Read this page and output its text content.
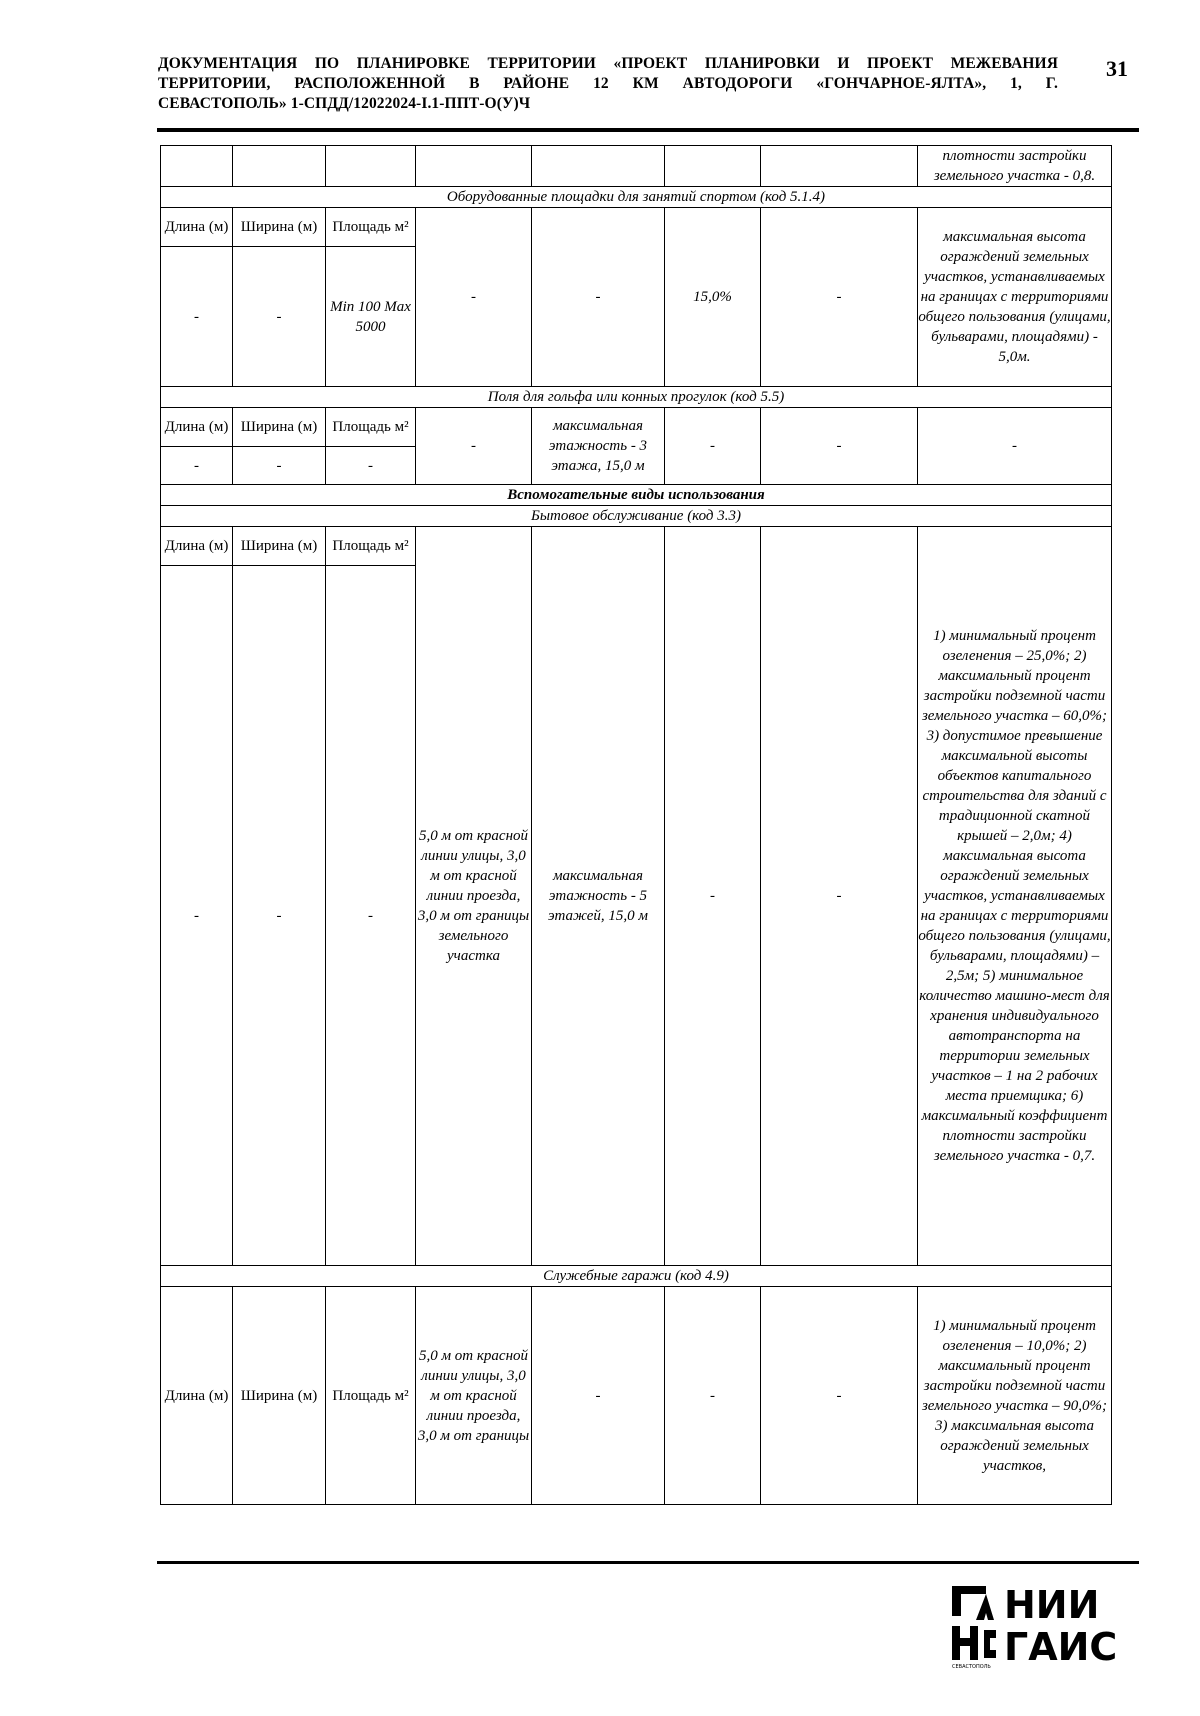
ДОКУМЕНТАЦИЯ ПО ПЛАНИРОВКЕ ТЕРРИТОРИИ «ПРОЕКТ ПЛАНИРОВКИ И ПРОЕКТ МЕЖЕВАНИЯ
ТЕРРИТОРИИ, РАСПОЛОЖЕННОЙ В РАЙОНЕ 12 КМ АВТОДОРОГИ «ГОНЧАРНОЕ-ЯЛТА», 1, Г.
СЕВАСТОПОЛЬ» 1-СПДД/12022024-I.1-ППТ-О(У)Ч
31
							плотности застройки земельного участка - 0,8.
Оборудованные площадки для занятий спортом (код 5.1.4)							
Длина (м)	Ширина (м)	Площадь м²	-	-	15,0%	-	максимальная высота ограждений земельных участков, устанавливаемых на границах с территориями общего пользования (улицами, бульварами, площадями) - 5,0м.
-	-	Min 100 Max 5000					
Поля для гольфа или конных прогулок (код 5.5)							
Длина (м)	Ширина (м)	Площадь м²	-	максимальная этажность - 3 этажа, 15,0 м	-	-	-
-	-	-					
Вспомогательные виды использования							
Бытовое обслуживание (код 3.3)							
Длина (м)	Ширина (м)	Площадь м²	5,0 м от красной линии улицы, 3,0 м от красной линии проезда, 3,0 м от границы земельного участка	максимальная этажность - 5 этажей, 15,0 м	-	-	1) минимальный процент озеленения – 25,0%; 2) максимальный процент застройки подземной части земельного участка – 60,0%; 3) допустимое превышение максимальной высоты объектов капитального строительства для зданий с традиционной скатной крышей – 2,0м; 4) максимальная высота ограждений земельных участков, устанавливаемых на границах с территориями общего пользования (улицами, бульварами, площадями) – 2,5м; 5) минимальное количество машино-мест для хранения индивидуального автотранспорта на территории земельных участков – 1 на 2 рабочих места приемщика; 6) максимальный коэффициент плотности застройки земельного участка - 0,7.
-	-	-					
Служебные гаражи (код 4.9)							
Длина (м)	Ширина (м)	Площадь м²	5,0 м от красной линии улицы, 3,0 м от красной линии проезда, 3,0 м от границы	-	-	-	1) минимальный процент озеленения – 10,0%; 2) максимальный процент застройки подземной части земельного участка – 90,0%; 3) максимальная высота ограждений земельных участков,
НИИ
ГАИС
СЕВАСТОПОЛЬ
